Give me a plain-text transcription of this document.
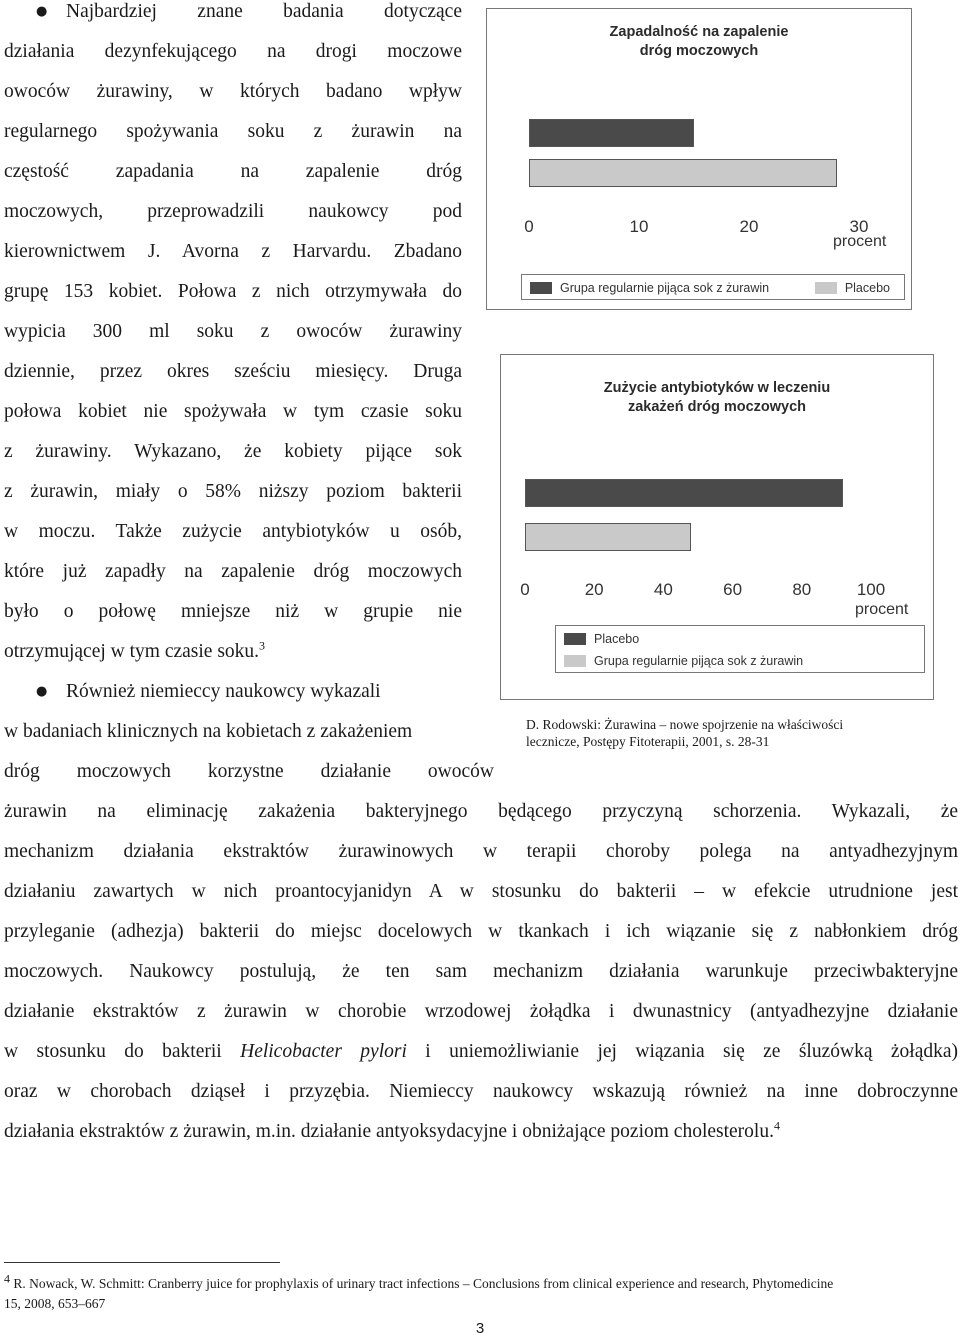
● Najbardziej znane badania dotyczące
działania dezynfekującego na drogi moczowe
owoców żurawiny, w których badano wpływ
regularnego spożywania soku z żurawin na
częstość zapadania na zapalenie dróg
moczowych, przeprowadzili naukowcy pod
kierownictwem J. Avorna z Harvardu. Zbadano
grupę 153 kobiet. Połowa z nich otrzymywała do
wypicia 300 ml soku z owoców żurawiny
dziennie, przez okres sześciu miesięcy. Druga
połowa kobiet nie spożywała w tym czasie soku
z żurawiny. Wykazano, że kobiety pijące sok
z żurawin, miały o 58% niższy poziom bakterii
w moczu. Także zużycie antybiotyków u osób,
które już zapadły na zapalenie dróg moczowych
było o połowę mniejsze niż w grupie nie
otrzymującej w tym czasie soku.$^3$
● Również niemieccy naukowcy wykazali
w badaniach klinicznych na kobietach z zakażeniem
dróg moczowych korzystne działanie owoców
żurawin na eliminację zakażenia bakteryjnego będącego przyczyną schorzenia. Wykazali, że
mechanizm działania ekstraktów żurawinowych w terapii choroby polega na antyadhezyjnym
działaniu zawartych w nich proantocyjanidyn A w stosunku do bakterii – w efekcie utrudnione jest
przyleganie (adhezja) bakterii do miejsc docelowych w tkankach i ich wiązanie się z nabłonkiem dróg
moczowych. Naukowcy postulują, że ten sam mechanizm działania warunkuje przeciwbakteryjne
działanie ekstraktów z żurawin w chorobie wrzodowej żołądka i dwunastnicy (antyadhezyjne działanie
w stosunku do bakterii Helicobacter pylori i uniemożliwianie jej wiązania się ze śluzówką żołądka)
oraz w chorobach dziąseł i przyzębia. Niemieccy naukowcy wskazują również na inne dobroczynne
działania ekstraktów z żurawin, m.in. działanie antyoksydacyjne i obniżające poziom cholesterolu.$^4$
Zapadalność na zapalenie
dróg moczowych
0	10	20	30
procent
Grupa regularnie pijąca sok z żurawin	Placebo
Zużycie antybiotyków w leczeniu
zakażeń dróg moczowych
0	20	40	60	80	100
procent
Placebo
Grupa regularnie pijąca sok z żurawin
D. Rodowski: Żurawina – nowe spojrzenie na właściwości
lecznicze, Postępy Fitoterapii, 2001, s. 28-31
$^4$ R. Nowack, W. Schmitt: Cranberry juice for prophylaxis of urinary tract infections – Conclusions from clinical experience and research, Phytomedicine
15, 2008, 653–667
3
